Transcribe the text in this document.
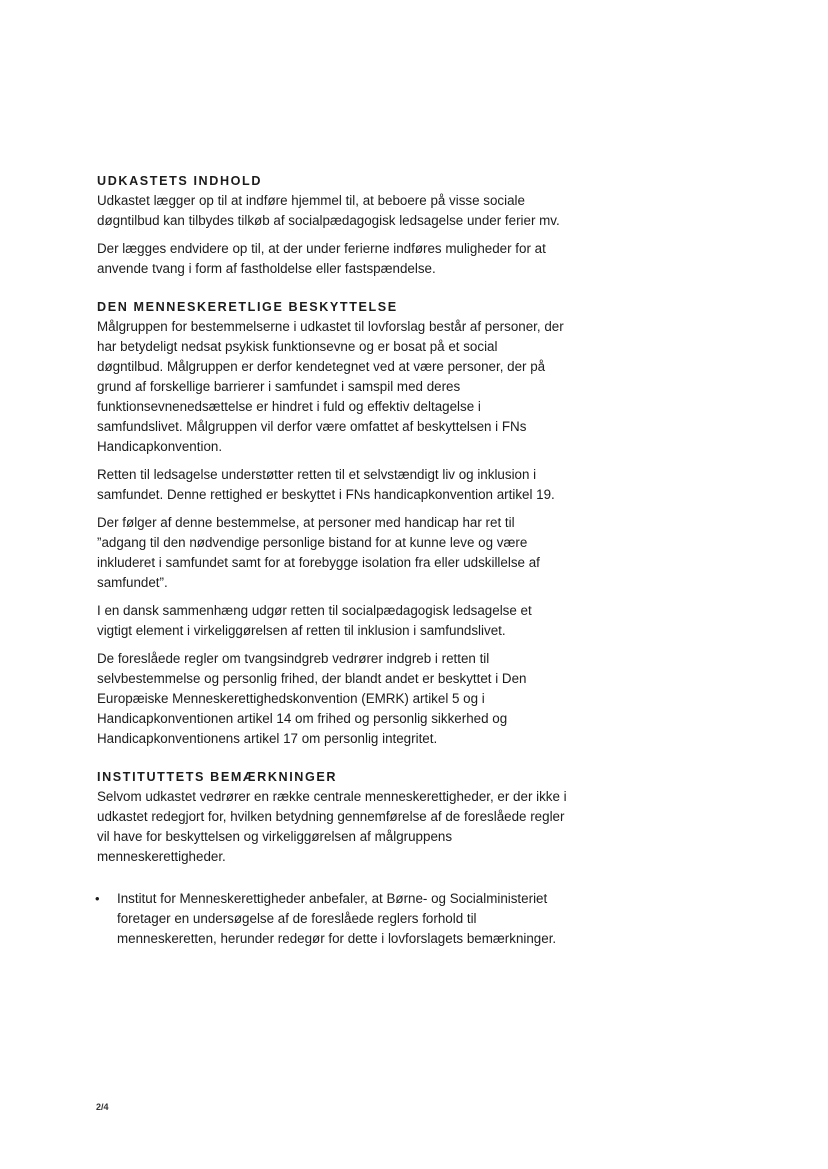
UDKASTETS INDHOLD

Udkastet lægger op til at indføre hjemmel til, at beboere på visse sociale døgntilbud kan tilbydes tilkøb af socialpædagogisk ledsagelse under ferier mv.

Der lægges endvidere op til, at der under ferierne indføres muligheder for at anvende tvang i form af fastholdelse eller fastspændelse.

DEN MENNESKERETLIGE BESKYTTELSE

Målgruppen for bestemmelserne i udkastet til lovforslag består af personer, der har betydeligt nedsat psykisk funktionsevne og er bosat på et social døgntilbud. Målgruppen er derfor kendetegnet ved at være personer, der på grund af forskellige barrierer i samfundet i samspil med deres funktionsevnenedsættelse er hindret i fuld og effektiv deltagelse i samfundslivet. Målgruppen vil derfor være omfattet af beskyttelsen i FNs Handicapkonvention.

Retten til ledsagelse understøtter retten til et selvstændigt liv og inklusion i samfundet. Denne rettighed er beskyttet i FNs handicapkonvention artikel 19.

Der følger af denne bestemmelse, at personer med handicap har ret til ”adgang til den nødvendige personlige bistand for at kunne leve og være inkluderet i samfundet samt for at forebygge isolation fra eller udskillelse af samfundet”.

I en dansk sammenhæng udgør retten til socialpædagogisk ledsagelse et vigtigt element i virkeliggørelsen af retten til inklusion i samfundslivet.

De foreslåede regler om tvangsindgreb vedrører indgreb i retten til selvbestemmelse og personlig frihed, der blandt andet er beskyttet i Den Europæiske Menneskerettighedskonvention (EMRK) artikel 5 og i Handicapkonventionen artikel 14 om frihed og personlig sikkerhed og Handicapkonventionens artikel 17 om personlig integritet.

INSTITUTTETS BEMÆRKNINGER

Selvom udkastet vedrører en række centrale menneskerettigheder, er der ikke i udkastet redegjort for, hvilken betydning gennemførelse af de foreslåede regler vil have for beskyttelsen og virkeliggørelsen af målgruppens menneskerettigheder.

• Institut for Menneskerettigheder anbefaler, at Børne- og Socialministeriet foretager en undersøgelse af de foreslåede reglers forhold til menneskeretten, herunder redegør for dette i lovforslagets bemærkninger.
2/4
